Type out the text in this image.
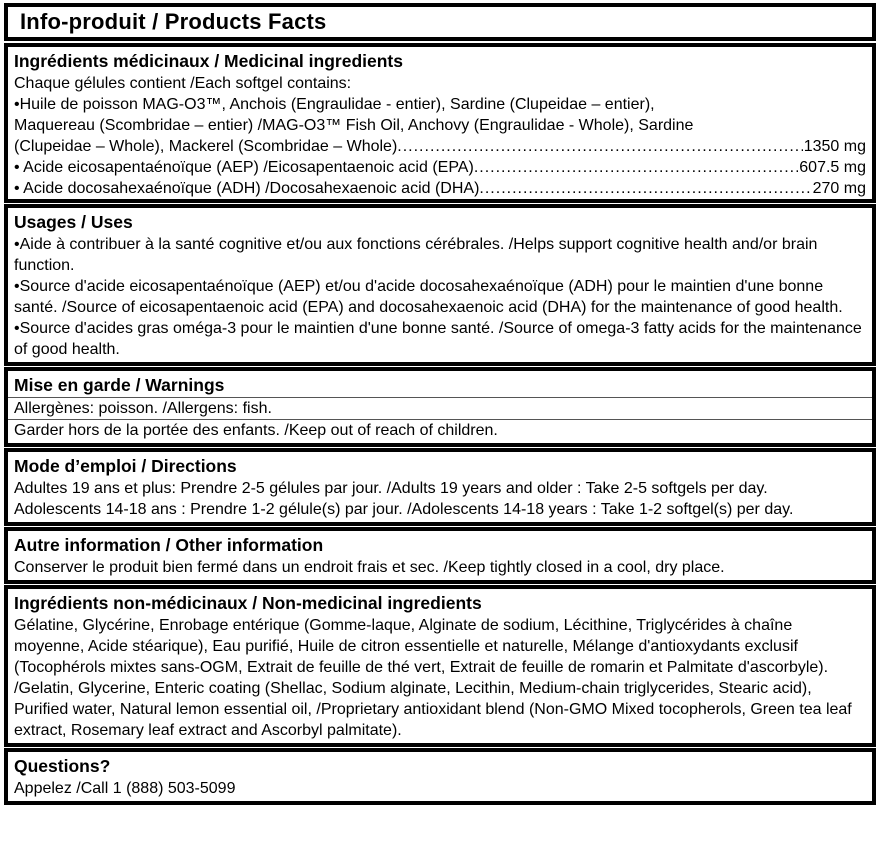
Info-produit / Products Facts
Ingrédients médicinaux / Medicinal ingredients
Chaque gélules contient /Each softgel contains:
•Huile de poisson MAG-O3™, Anchois (Engraulidae - entier), Sardine (Clupeidae – entier),
Maquereau (Scombridae – entier) /MAG-O3™ Fish Oil, Anchovy (Engraulidae - Whole), Sardine
(Clupeidae – Whole), Mackerel (Scombridae – Whole) .....	1350 mg
• Acide eicosapentaénoïque (AEP) /Eicosapentaenoic acid (EPA) .....	607.5 mg
• Acide docosahexaénoïque (ADH) /Docosahexaenoic acid (DHA) .....	270 mg
Usages / Uses
•Aide à contribuer à la santé cognitive et/ou aux fonctions cérébrales. /Helps support cognitive health and/or brain function.
•Source d'acide eicosapentaénoïque (AEP) et/ou d'acide docosahexaénoïque (ADH) pour le maintien d'une bonne santé. /Source of eicosapentaenoic acid (EPA) and docosahexaenoic acid (DHA) for the maintenance of good health.
•Source d'acides gras oméga-3 pour le maintien d'une bonne santé. /Source of omega-3 fatty acids for the maintenance of good health.
Mise en garde / Warnings
Allergènes: poisson. /Allergens: fish.
Garder hors de la portée des enfants. /Keep out of reach of children.
Mode d’emploi / Directions
Adultes 19 ans et plus: Prendre 2-5 gélules par jour. /Adults 19 years and older : Take 2-5 softgels per day.
Adolescents 14-18 ans : Prendre 1-2 gélule(s) par jour. /Adolescents 14-18 years : Take 1-2 softgel(s) per day.
Autre information / Other information
Conserver le produit bien fermé dans un endroit frais et sec. /Keep tightly closed in a cool, dry place.
Ingrédients non-médicinaux / Non-medicinal ingredients
Gélatine, Glycérine, Enrobage entérique (Gomme-laque, Alginate de sodium, Lécithine, Triglycérides à chaîne moyenne, Acide stéarique), Eau purifié, Huile de citron essentielle et naturelle, Mélange d'antioxydants exclusif (Tocophérols mixtes sans-OGM, Extrait de feuille de thé vert, Extrait de feuille de romarin et Palmitate d'ascorbyle). /Gelatin, Glycerine, Enteric coating (Shellac, Sodium alginate, Lecithin, Medium-chain triglycerides, Stearic acid), Purified water, Natural lemon essential oil, /Proprietary antioxidant blend (Non-GMO Mixed tocopherols, Green tea leaf extract, Rosemary leaf extract and Ascorbyl palmitate).
Questions?
Appelez /Call 1 (888) 503-5099
